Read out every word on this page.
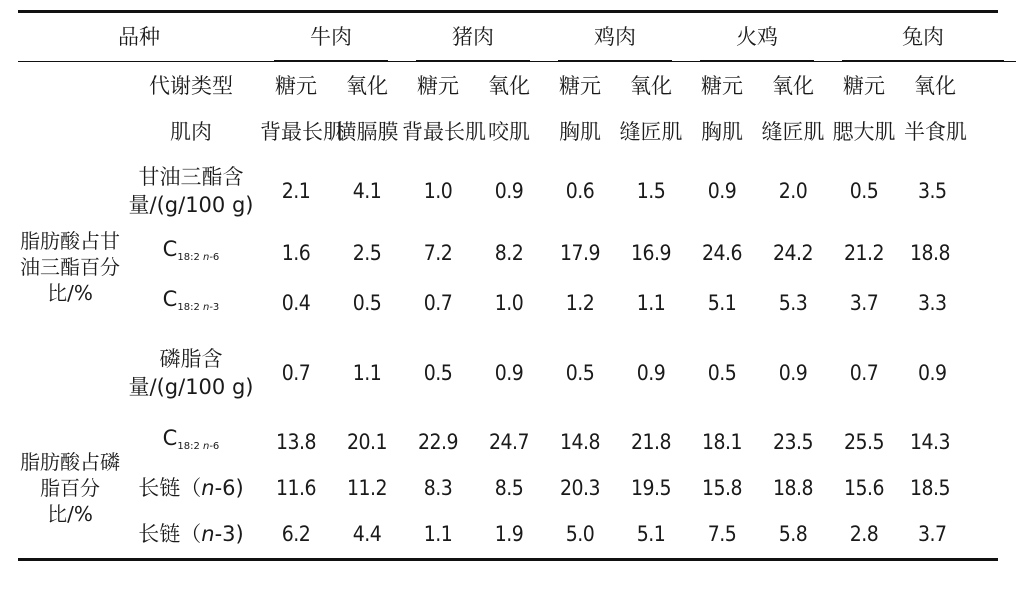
品种		牛肉		猪肉		鸡肉		火鸡		兔肉	

	代谢类型	糖元	氧化	糖元	氧化	糖元	氧化	糖元	氧化	糖元	氧化
	肌肉	背最长肌	横膈膜	背最长肌	咬肌	胸肌	缝匠肌	胸肌	缝匠肌	腮大肌	半食肌
	甘油三酯含量/(g/100 g)	2.1	4.1	1.0	0.9	0.6	1.5	0.9	2.0	0.5	3.5
脂肪酸占甘油三酯百分比/%	$C_{18:2 n-6}$	1.6	2.5	7.2	8.2	17.9	16.9	24.6	24.2	21.2	18.8
	$C_{18:2 n-3}$	0.4	0.5	0.7	1.0	1.2	1.1	5.1	5.3	3.7	3.3
	磷脂含量/(g/100 g)	0.7	1.1	0.5	0.9	0.5	0.9	0.5	0.9	0.7	0.9
脂肪酸占磷脂百分比/%	$C_{18:2 n-6}$	13.8	20.1	22.9	24.7	14.8	21.8	18.1	23.5	25.5	14.3
	长链（n-6)	11.6	11.2	8.3	8.5	20.3	19.5	15.8	18.8	15.6	18.5
	长链（n-3)	6.2	4.4	1.1	1.9	5.0	5.1	7.5	5.8	2.8	3.7
